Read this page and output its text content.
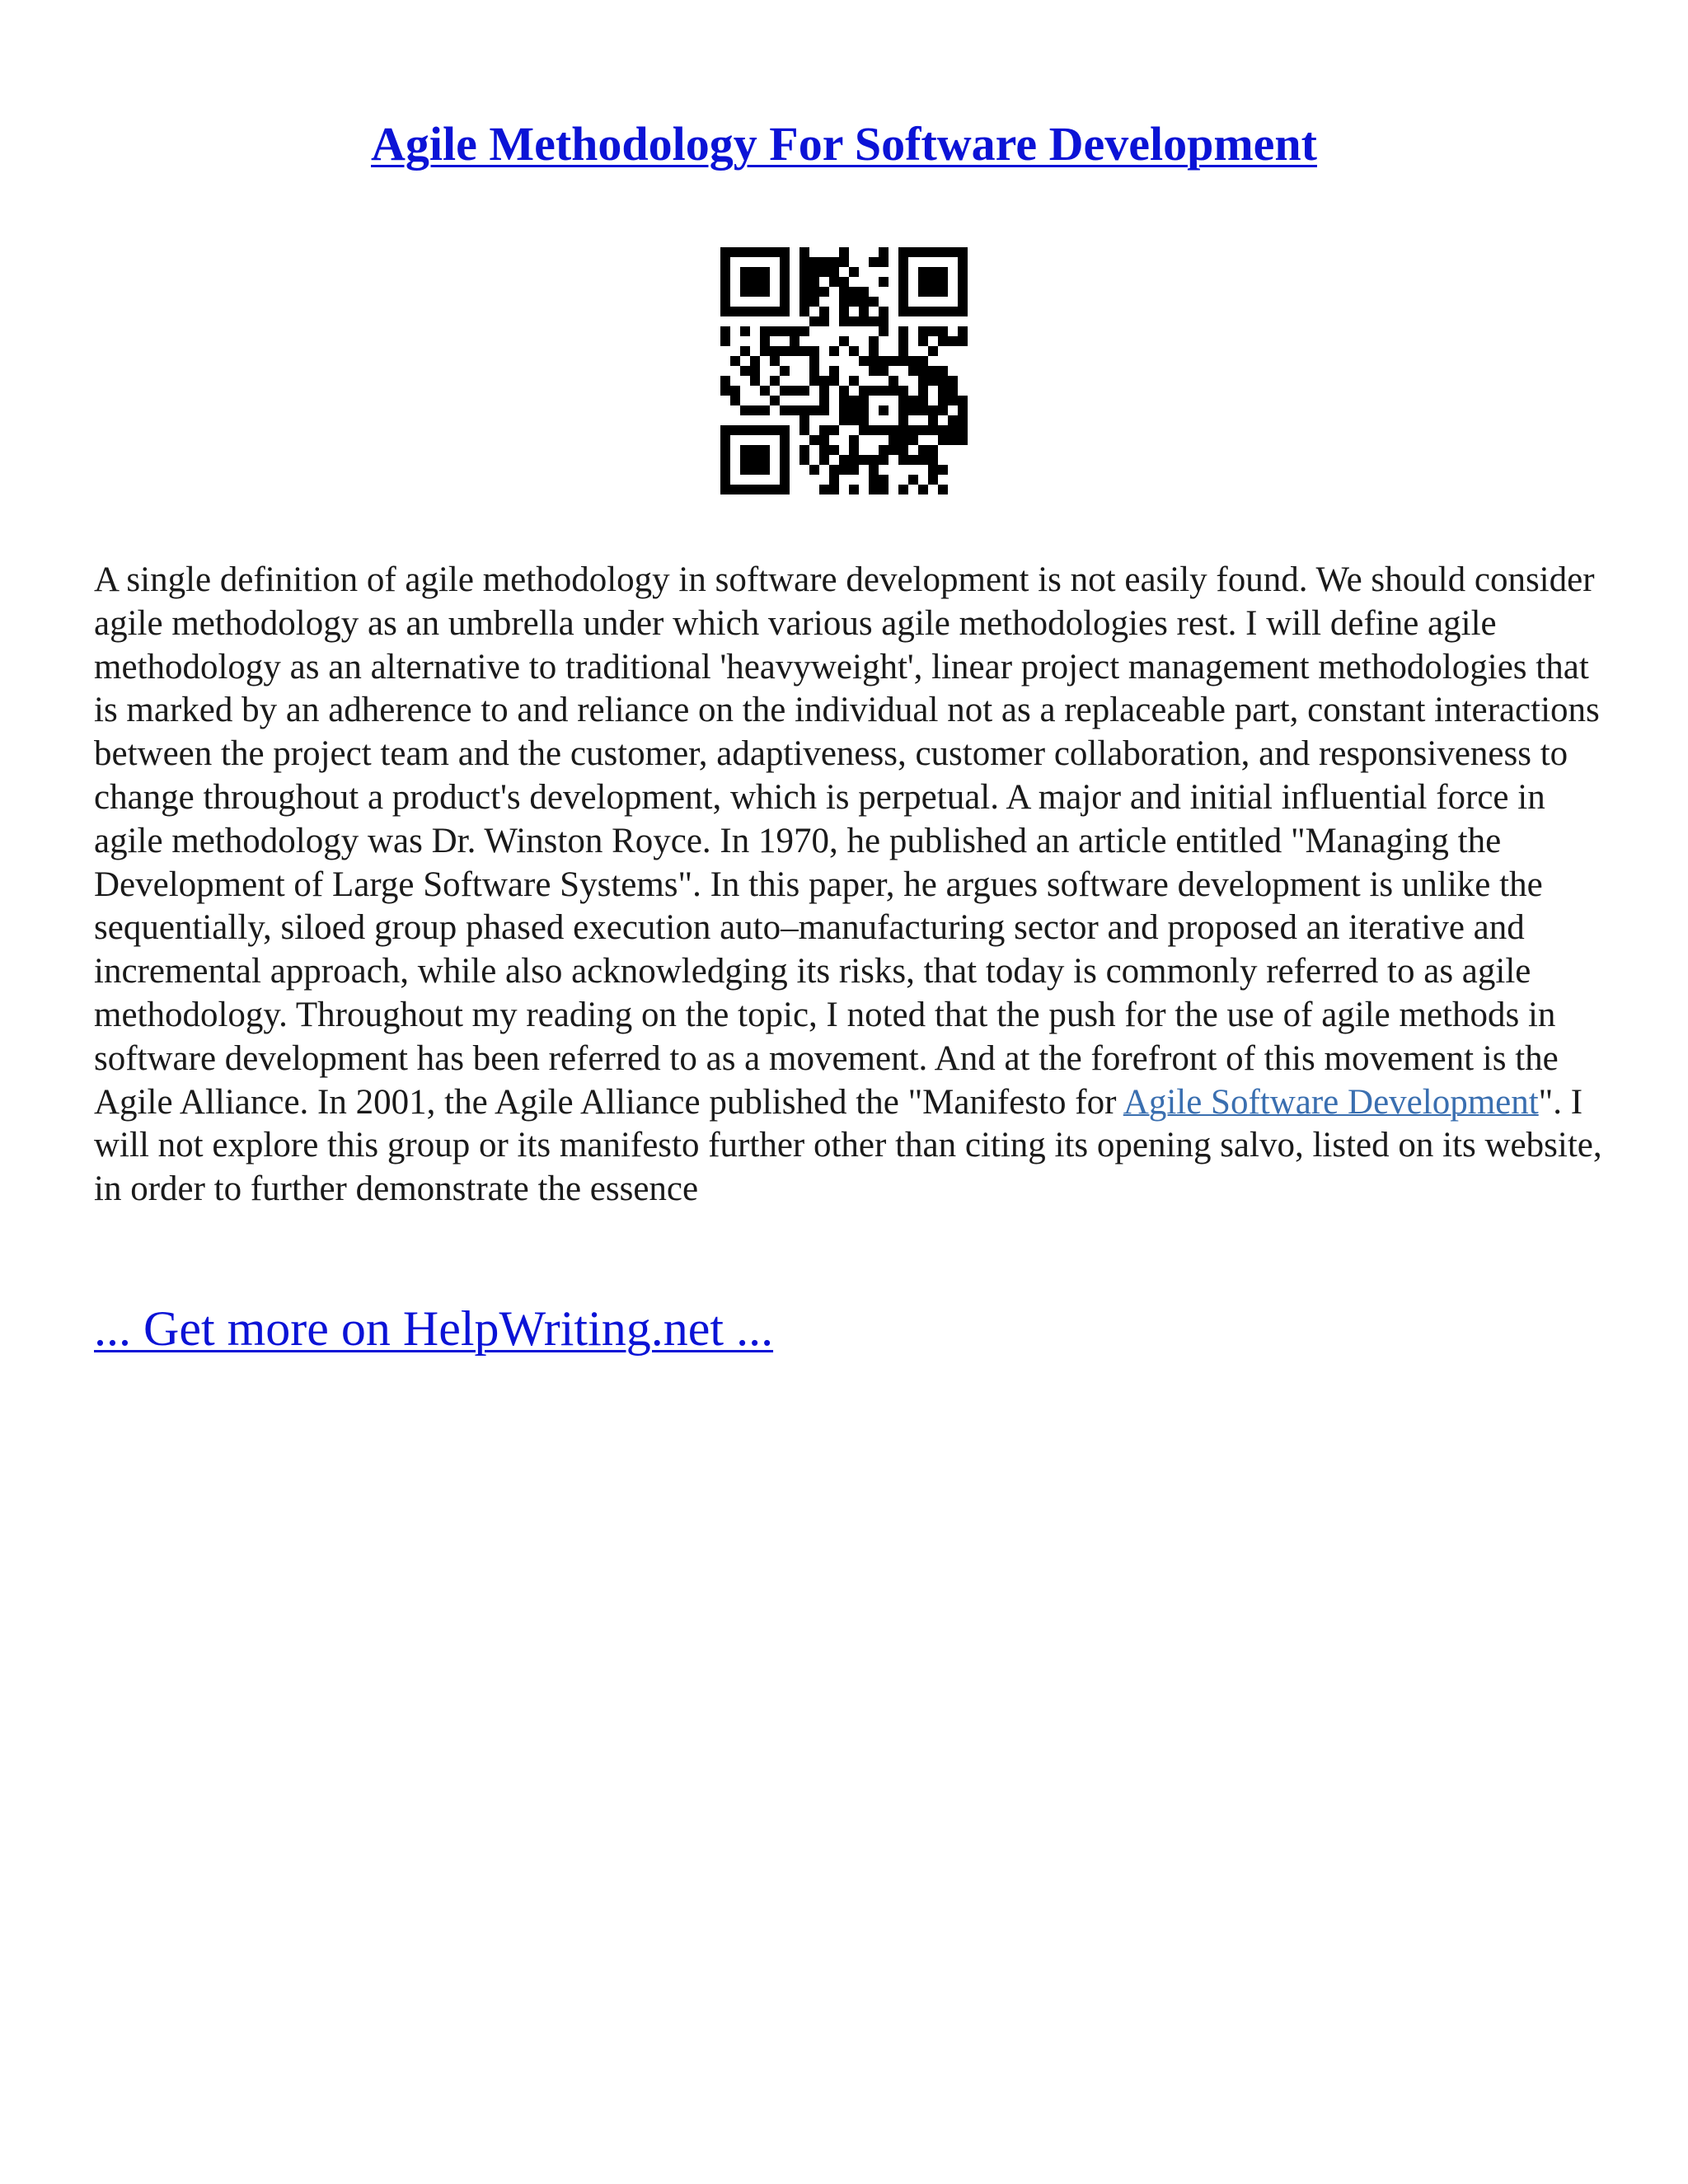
Agile Methodology For Software Development

A single definition of agile methodology in software development is not easily found. We should consider agile methodology as an umbrella under which various agile methodologies rest. I will define agile methodology as an alternative to traditional 'heavyweight', linear project management methodologies that is marked by an adherence to and reliance on the individual not as a replaceable part, constant interactions between the project team and the customer, adaptiveness, customer collaboration, and responsiveness to change throughout a product's development, which is perpetual. A major and initial influential force in agile methodology was Dr. Winston Royce. In 1970, he published an article entitled "Managing the Development of Large Software Systems". In this paper, he argues software development is unlike the sequentially, siloed group phased execution auto–manufacturing sector and proposed an iterative and incremental approach, while also acknowledging its risks, that today is commonly referred to as agile methodology. Throughout my reading on the topic, I noted that the push for the use of agile methods in software development has been referred to as a movement. And at the forefront of this movement is the Agile Alliance. In 2001, the Agile Alliance published the "Manifesto for Agile Software Development". I will not explore this group or its manifesto further other than citing its opening salvo, listed on its website, in order to further demonstrate the essence

... Get more on HelpWriting.net ...
